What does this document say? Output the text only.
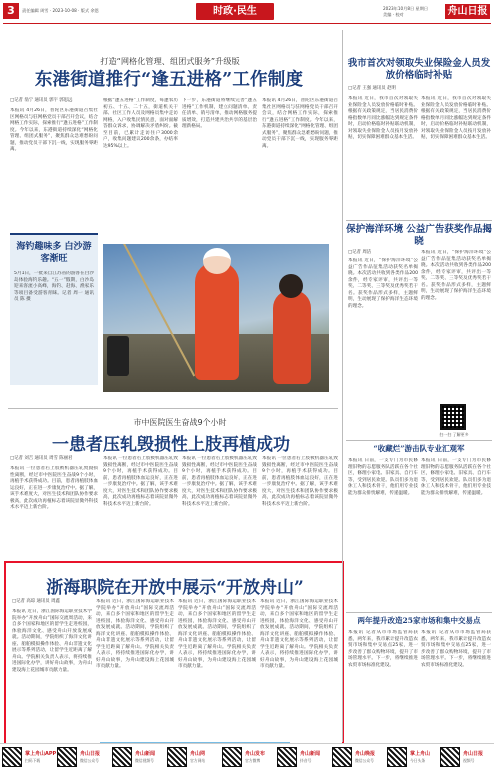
3	责任编辑 周雪 · 2023-10-08 · 版式 余恩	时政·民生	2023年10月8日 星期日
美编 · 校对	舟山日报
打造“网格化管理、组团式服务”升级版
东港街道推行“逢五进格”工作制度
□记者 翁宁 通讯员 郭宇 郭思远
本报讯 4月26日，普陀区东港街道召集社区网格员与驻网格党员干部召开会议，结合网格工作实际，探索推行“逢五进格”工作制度。今年以来，东港街道持续深化“网格化管理、组团式服务”，聚焦群众急难愁盼问题，推动党员干部下沉一线，实现服务零距离。
根据“逢五进格”工作制度，每逢农历初五、十五、二十五，街道机关干部、社区工作人员及网格员集中走访网格，入户收集民情民意，面对面解答群众诉求，协调解决矛盾纠纷。截至目前，已累计走访住户3000余户，收集问题建议200余条，办结率达95%以上。
下一步，东港街道将继续完善“逢五进格”工作机制，建立问题清单、责任清单、销号清单，推动网格服务提质增效，打造共建共治共享的基层治理新格局。
本报讯 4月26日，普陀区东港街道召集社区网格员与驻网格党员干部召开会议，结合网格工作实际，探索推行“逢五进格”工作制度。今年以来，东港街道持续深化“网格化管理、组团式服务”，聚焦群众急难愁盼问题，推动党员干部下沉一线，实现服务零距离。
海钓趣味多 白沙游客渐旺
5月1日，一批来自江苏省的游客在白沙岛体验海钓乐趣。“五一”假期，白沙岛迎来客流小高峰，海钓、赶海、渔家乐等项目备受游客青睐。记者 周一 通讯员 陈 摄
市中医院医生奋战9个小时
一患者压轧毁损性上肢再植成功
□记者 刘吉 通讯员 周雪 陈丽君
本报讯 一位患者右上肢被机器压轧致毁损性离断，经过市中医院医生奋战9个小时，再植手术获得成功。目前，患者再植肢体血运良好，正在进一步康复治疗中。据了解，该手术难度大，对医生技术和团队协作要求极高，此次成功再植标志着该院显微外科技术水平迈上新台阶。
本报讯 一位患者右上肢被机器压轧致毁损性离断，经过市中医院医生奋战9个小时，再植手术获得成功。目前，患者再植肢体血运良好，正在进一步康复治疗中。据了解，该手术难度大，对医生技术和团队协作要求极高，此次成功再植标志着该院显微外科技术水平迈上新台阶。
本报讯 一位患者右上肢被机器压轧致毁损性离断，经过市中医院医生奋战9个小时，再植手术获得成功。目前，患者再植肢体血运良好，正在进一步康复治疗中。据了解，该手术难度大，对医生技术和团队协作要求极高，此次成功再植标志着该院显微外科技术水平迈上新台阶。
本报讯 一位患者右上肢被机器压轧致毁损性离断，经过市中医院医生奋战9个小时，再植手术获得成功。目前，患者再植肢体血运良好，正在进一步康复治疗中。据了解，该手术难度大，对医生技术和团队协作要求极高，此次成功再植标志着该院显微外科技术水平迈上新台阶。
浙海职院在开放中展示“开放舟山”
□记者 高琼 通讯员 周鑫
本报讯 近日，浙江国际海运职业技术学院举办“开放舟山”国际交流周活动，来自多个国家和地区的留学生走进校园，体验海洋文化、感受舟山开放发展成就。活动期间，学院组织了海洋文化讲座、船舶模拟操作体验、舟山非遗文化展示等系列活动，让留学生近距离了解舟山。学院相关负责人表示，将持续推进国际化办学，讲好舟山故事，为舟山建设海上花园城市贡献力量。
本报讯 近日，浙江国际海运职业技术学院举办“开放舟山”国际交流周活动，来自多个国家和地区的留学生走进校园，体验海洋文化、感受舟山开放发展成就。活动期间，学院组织了海洋文化讲座、船舶模拟操作体验、舟山非遗文化展示等系列活动，让留学生近距离了解舟山。学院相关负责人表示，将持续推进国际化办学，讲好舟山故事，为舟山建设海上花园城市贡献力量。
本报讯 近日，浙江国际海运职业技术学院举办“开放舟山”国际交流周活动，来自多个国家和地区的留学生走进校园，体验海洋文化、感受舟山开放发展成就。活动期间，学院组织了海洋文化讲座、船舶模拟操作体验、舟山非遗文化展示等系列活动，让留学生近距离了解舟山。学院相关负责人表示，将持续推进国际化办学，讲好舟山故事，为舟山建设海上花园城市贡献力量。
本报讯 近日，浙江国际海运职业技术学院举办“开放舟山”国际交流周活动，来自多个国家和地区的留学生走进校园，体验海洋文化、感受舟山开放发展成就。活动期间，学院组织了海洋文化讲座、船舶模拟操作体验、舟山非遗文化展示等系列活动，让留学生近距离了解舟山。学院相关负责人表示，将持续推进国际化办学，讲好舟山故事，为舟山建设海上花园城市贡献力量。
我市首次对领取失业保险金人员发放价格临时补贴
□记者 王强 通讯员 赵明
本报讯 近日，我市首次对领取失业保险金人员发放价格临时补贴。根据有关政策规定，当居民消费价格指数单月同比涨幅达到规定条件时，启动价格临时补贴联动机制，对领取失业保险金人员按月发放补贴，切实保障困难群众基本生活。
本报讯 近日，我市首次对领取失业保险金人员发放价格临时补贴。根据有关政策规定，当居民消费价格指数单月同比涨幅达到规定条件时，启动价格临时补贴联动机制，对领取失业保险金人员按月发放补贴，切实保障困难群众基本生活。
保护海洋环境 公益广告获奖作品揭晓
□记者 周洁
本报讯 近日，“保护海洋环境”公益广告作品征集活动获奖名单揭晓。本次活动共收到各类作品200余件，经专家评审，共评出一等奖、二等奖、三等奖及优秀奖若干名。获奖作品形式多样，主题鲜明，生动展现了保护海洋生态环境的理念。
本报讯 近日，“保护海洋环境”公益广告作品征集活动获奖名单揭晓。本次活动共收到各类作品200余件，经专家评审，共评出一等奖、二等奖、三等奖及优秀奖若干名。获奖作品形式多样，主题鲜明，生动展现了保护海洋生态环境的理念。
扫一扫 了解更多
“收藏烂”游击队专业汇观军
本报讯 日前，一支专门为市民修理旧物的志愿服务队活跃在各个社区，修理小家电、旧家具、自行车等，受到居民欢迎。队员们多为退休工人和技术骨干，他们用专业技能为群众排忧解难，传递温暖。
本报讯 日前，一支专门为市民修理旧物的志愿服务队活跃在各个社区，修理小家电、旧家具、自行车等，受到居民欢迎。队员们多为退休工人和技术骨干，他们用专业技能为群众排忧解难，传递温暖。
两年提升改造25家市场和集中交易点
本报讯 记者从市市场监管局获悉，两年来，我市累计提升改造农贸市场和集中交易点25家，进一步改善了群众购物环境，提升了市场管理水平。下一步，将继续推进农贸市场标准化建设。
本报讯 记者从市市场监管局获悉，两年来，我市累计提升改造农贸市场和集中交易点25家，进一步改善了群众购物环境，提升了市场管理水平。下一步，将继续推进农贸市场标准化建设。
掌上舟山APP
扫码下载
舟山日报
微信公众号
舟山新闻
微信视频号
舟山网
官方网站
舟山发布
官方微博
舟山新闻
抖音号
舟山晚报
微信公众号
掌上舟山
今日头条
舟山日报
视频号
